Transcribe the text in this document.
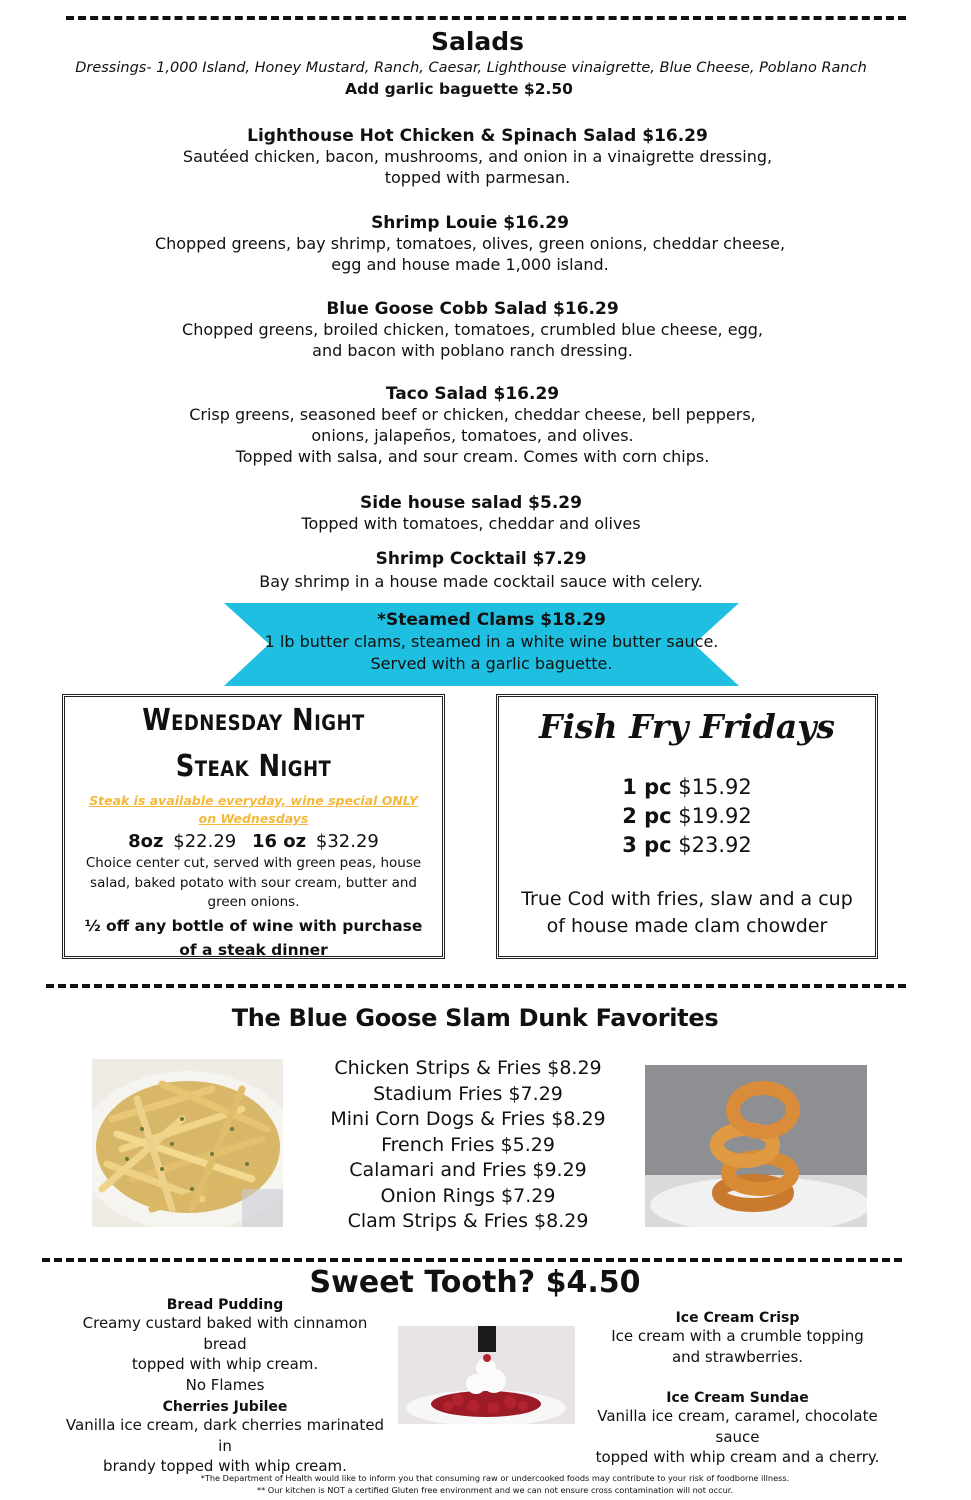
Salads
Dressings- 1,000 Island, Honey Mustard, Ranch, Caesar, Lighthouse vinaigrette, Blue Cheese, Poblano Ranch
Add garlic baguette $2.50
Lighthouse Hot Chicken & Spinach Salad $16.29
Sautéed chicken, bacon, mushrooms, and onion in a vinaigrette dressing,
topped with parmesan.
Shrimp Louie $16.29
Chopped greens, bay shrimp, tomatoes, olives, green onions, cheddar cheese,
egg and house made 1,000 island.
Blue Goose Cobb Salad $16.29
Chopped greens, broiled chicken, tomatoes, crumbled blue cheese, egg,
and bacon with poblano ranch dressing.
Taco Salad $16.29
Crisp greens, seasoned beef or chicken, cheddar cheese, bell peppers,
onions, jalapeños, tomatoes, and olives.
Topped with salsa, and sour cream. Comes with corn chips.
Side house salad $5.29
Topped with tomatoes, cheddar and olives
Shrimp Cocktail $7.29
Bay shrimp in a house made cocktail sauce with celery.
*Steamed Clams $18.29
1 lb butter clams, steamed in a white wine butter sauce.
Served with a garlic baguette.
Wednesday Night
Steak Night
Steak is available everyday, wine special ONLY on Wednesdays
8oz $22.29 16 oz $32.29
Choice center cut, served with green peas, house salad, baked potato with sour cream, butter and green onions.
½ off any bottle of wine with purchase
of a steak dinner
Fish Fry Fridays
1 pc $15.92
2 pc $19.92
3 pc $23.92
True Cod with fries, slaw and a cup
of house made clam chowder
The Blue Goose Slam Dunk Favorites
Chicken Strips & Fries $8.29
Stadium Fries $7.29
Mini Corn Dogs & Fries $8.29
French Fries $5.29
Calamari and Fries $9.29
Onion Rings $7.29
Clam Strips & Fries $8.29
Sweet Tooth? $4.50
Bread Pudding
Creamy custard baked with cinnamon bread
topped with whip cream.
No Flames
Cherries Jubilee
Vanilla ice cream, dark cherries marinated in
brandy topped with whip cream.
Ice Cream Crisp
Ice cream with a crumble topping
and strawberries.
Ice Cream Sundae
Vanilla ice cream, caramel, chocolate sauce
topped with whip cream and a cherry.
*The Department of Health would like to inform you that consuming raw or undercooked foods may contribute to your risk of foodborne illness.
** Our kitchen is NOT a certified Gluten free environment and we can not ensure cross contamination will not occur.
